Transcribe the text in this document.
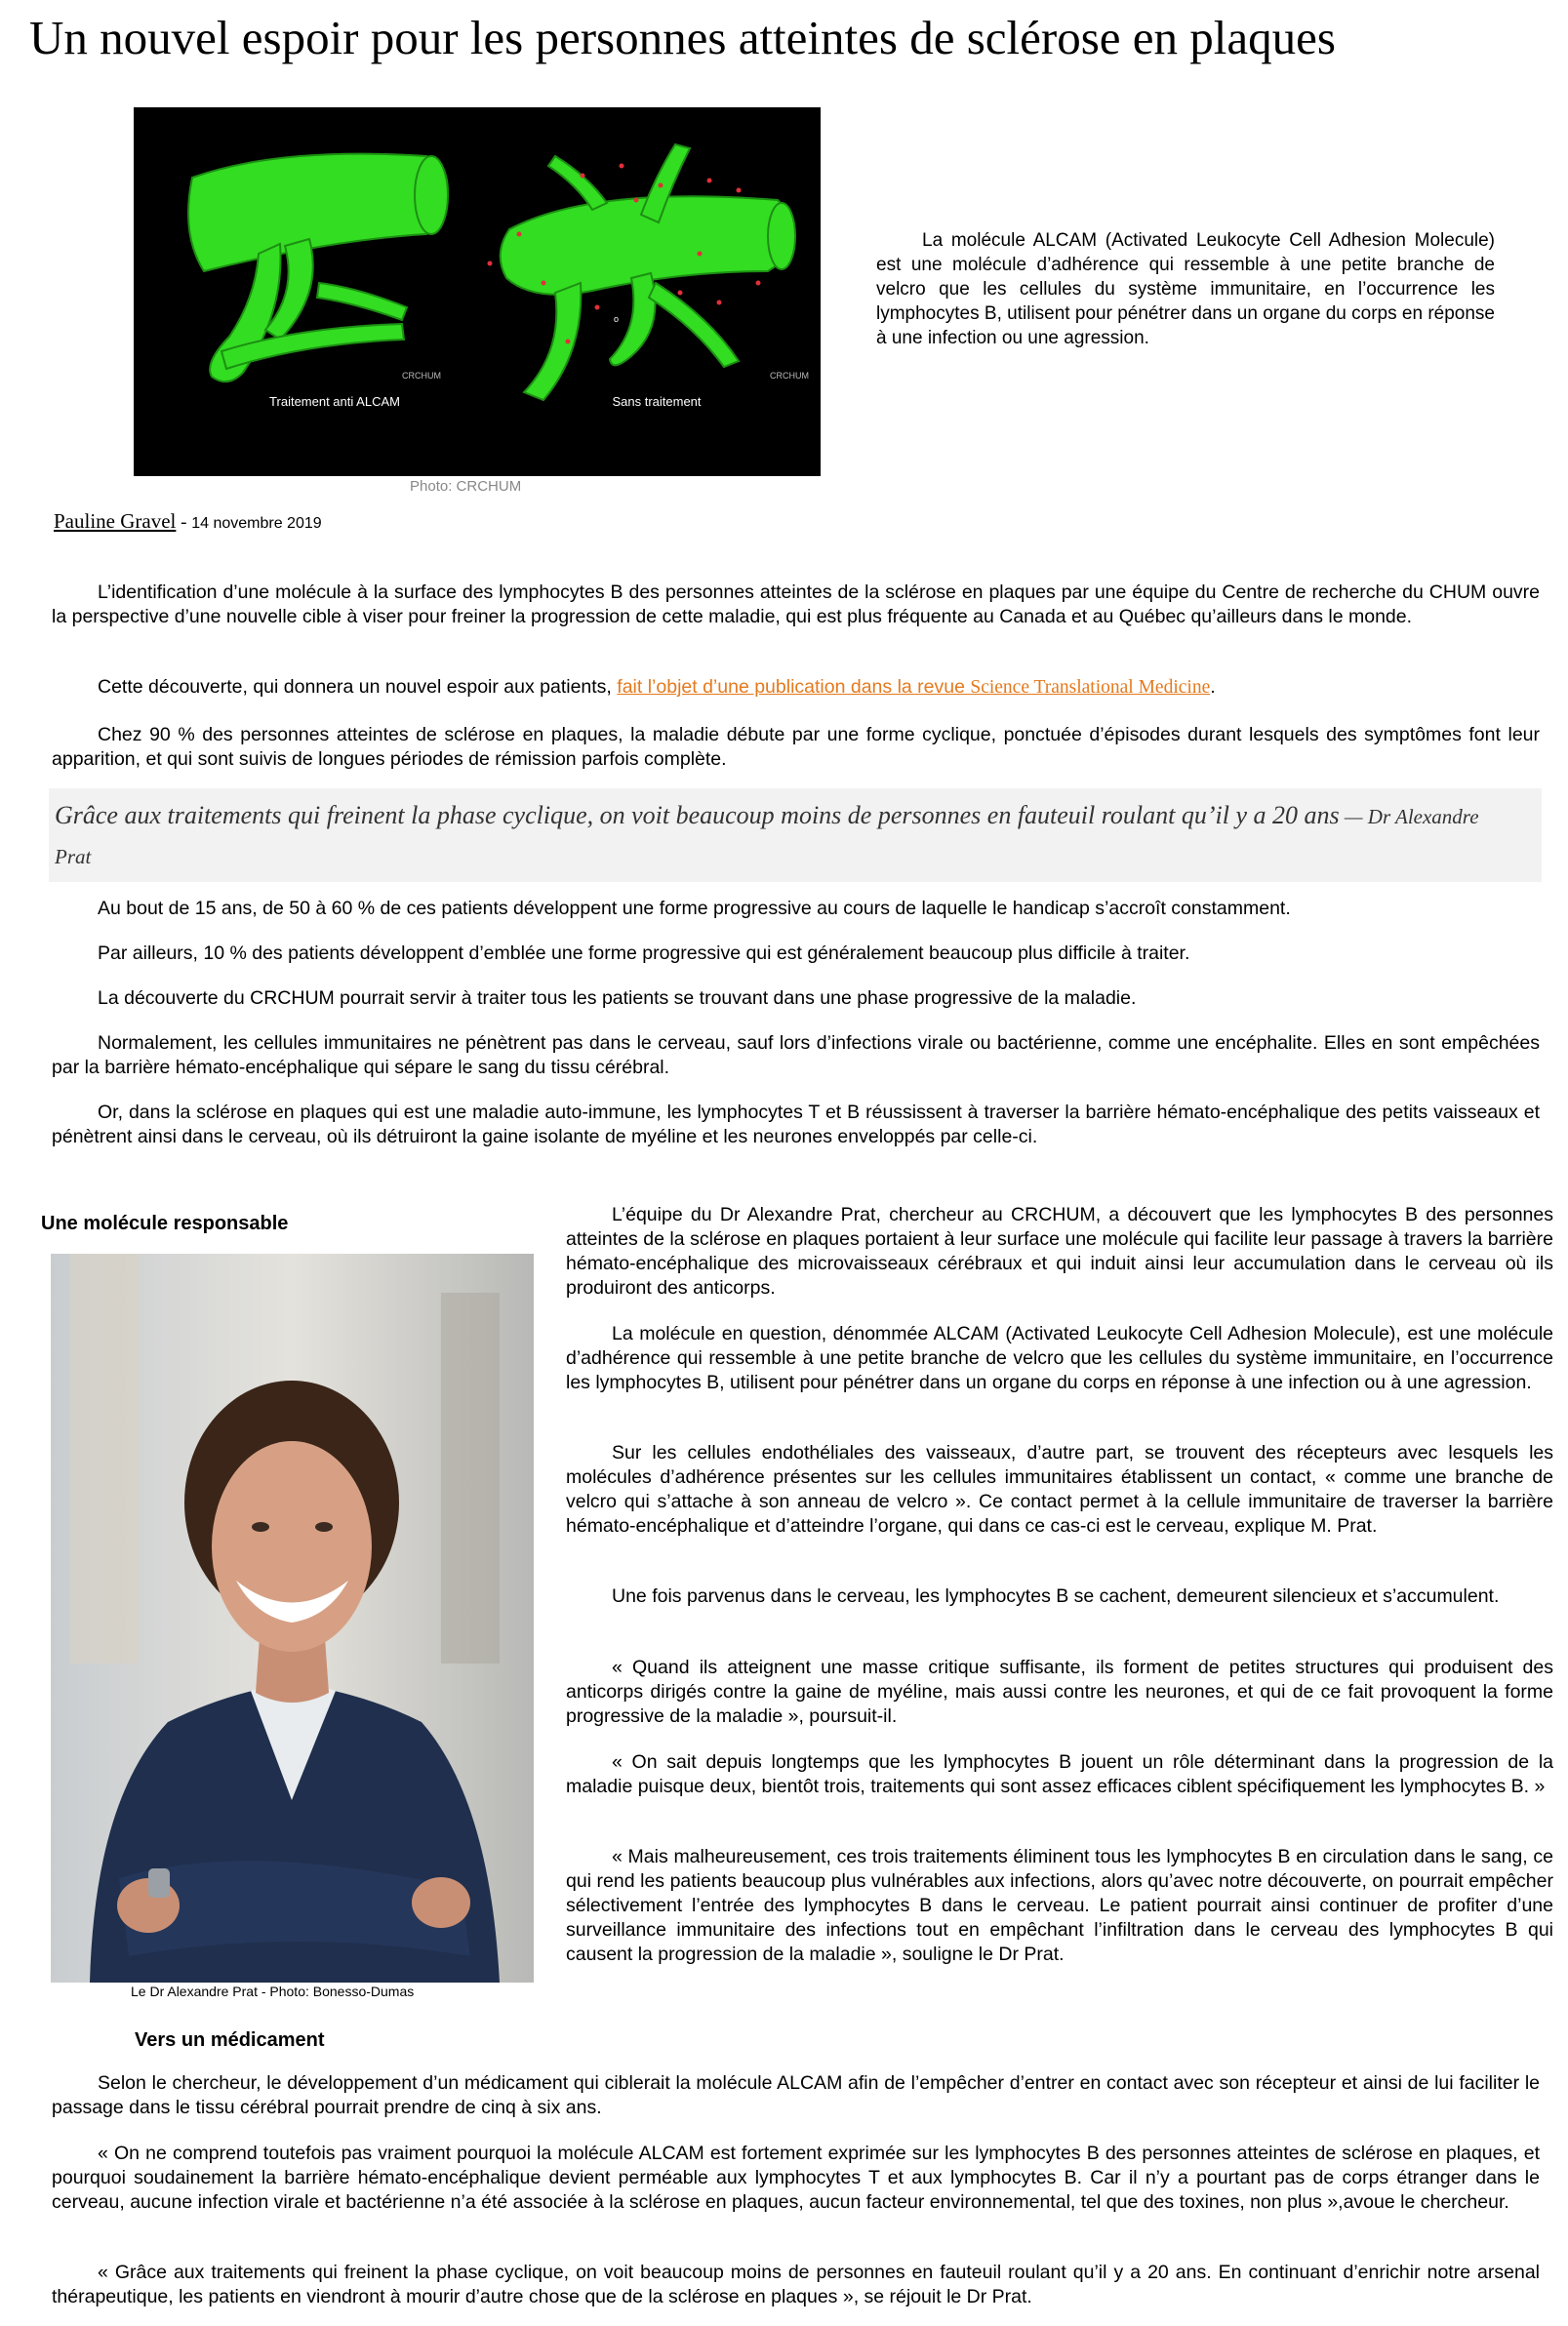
Un nouvel espoir pour les personnes atteintes de sclérose en plaques
Traitement anti ALCAM	Sans traitement
CRCHUM	CRCHUM
o
Photo: CRCHUM
La molécule ALCAM (Activated Leukocyte Cell Adhesion Molecule) est une molécule d’adhérence qui ressemble à une petite branche de velcro que les cellules du système immunitaire, en l’occurrence les lymphocytes B, utilisent pour pénétrer dans un organe du corps en réponse à une infection ou une agression.
Pauline Gravel - 14 novembre 2019

L’identification d’une molécule à la surface des lymphocytes B des personnes atteintes de la sclérose en plaques par une équipe du Centre de recherche du CHUM ouvre la perspective d’une nouvelle cible à viser pour freiner la progression de cette maladie, qui est plus fréquente au Canada et au Québec qu’ailleurs dans le monde.

Cette découverte, qui donnera un nouvel espoir aux patients, fait l’objet d’une publication dans la revue Science Translational Medicine.

Chez 90 % des personnes atteintes de sclérose en plaques, la maladie débute par une forme cyclique, ponctuée d’épisodes durant lesquels des symptômes font leur apparition, et qui sont suivis de longues périodes de rémission parfois complète.

Grâce aux traitements qui freinent la phase cyclique, on voit beaucoup moins de personnes en fauteuil roulant qu’il y a 20 ans — Dr Alexandre Prat

Au bout de 15 ans, de 50 à 60 % de ces patients développent une forme progressive au cours de laquelle le handicap s’accroît constamment.

Par ailleurs, 10 % des patients développent d’emblée une forme progressive qui est généralement beaucoup plus difficile à traiter.

La découverte du CRCHUM pourrait servir à traiter tous les patients se trouvant dans une phase progressive de la maladie.

Normalement, les cellules immunitaires ne pénètrent pas dans le cerveau, sauf lors d’infections virale ou bactérienne, comme une encéphalite. Elles en sont empêchées par la barrière hémato-encéphalique qui sépare le sang du tissu cérébral.

Or, dans la sclérose en plaques qui est une maladie auto-immune, les lymphocytes T et B réussissent à traverser la barrière hémato-encéphalique des petits vaisseaux et pénètrent ainsi dans le cerveau, où ils détruiront la gaine isolante de myéline et les neurones enveloppés par celle-ci.

Une molécule responsable
Le Dr Alexandre Prat - Photo: Bonesso-Dumas

L’équipe du Dr Alexandre Prat, chercheur au CRCHUM, a découvert que les lymphocytes B des personnes atteintes de la sclérose en plaques portaient à leur surface une molécule qui facilite leur passage à travers la barrière hémato-encéphalique des microvaisseaux cérébraux et qui induit ainsi leur accumulation dans le cerveau où ils produiront des anticorps.

La molécule en question, dénommée ALCAM (Activated Leukocyte Cell Adhesion Molecule), est une molécule d’adhérence qui ressemble à une petite branche de velcro que les cellules du système immunitaire, en l’occurrence les lymphocytes B, utilisent pour pénétrer dans un organe du corps en réponse à une infection ou à une agression.

Sur les cellules endothéliales des vaisseaux, d’autre part, se trouvent des récepteurs avec lesquels les molécules d’adhérence présentes sur les cellules immunitaires établissent un contact, « comme une branche de velcro qui s’attache à son anneau de velcro ». Ce contact permet à la cellule immunitaire de traverser la barrière hémato-encéphalique et d’atteindre l’organe, qui dans ce cas-ci est le cerveau, explique M. Prat.

Une fois parvenus dans le cerveau, les lymphocytes B se cachent, demeurent silencieux et s’accumulent.

« Quand ils atteignent une masse critique suffisante, ils forment de petites structures qui produisent des anticorps dirigés contre la gaine de myéline, mais aussi contre les neurones, et qui de ce fait provoquent la forme progressive de la maladie », poursuit-il.

« On sait depuis longtemps que les lymphocytes B jouent un rôle déterminant dans la progression de la maladie puisque deux, bientôt trois, traitements qui sont assez efficaces ciblent spécifiquement les lymphocytes B. »

« Mais malheureusement, ces trois traitements éliminent tous les lymphocytes B en circulation dans le sang, ce qui rend les patients beaucoup plus vulnérables aux infections, alors qu’avec notre découverte, on pourrait empêcher sélectivement l’entrée des lymphocytes B dans le cerveau. Le patient pourrait ainsi continuer de profiter d’une surveillance immunitaire des infections tout en empêchant l’infiltration dans le cerveau des lymphocytes B qui causent la progression de la maladie », souligne le Dr Prat.

Vers un médicament

Selon le chercheur, le développement d’un médicament qui ciblerait la molécule ALCAM afin de l’empêcher d’entrer en contact avec son récepteur et ainsi de lui faciliter le passage dans le tissu cérébral pourrait prendre de cinq à six ans.

« On ne comprend toutefois pas vraiment pourquoi la molécule ALCAM est fortement exprimée sur les lymphocytes B des personnes atteintes de sclérose en plaques, et pourquoi soudainement la barrière hémato-encéphalique devient perméable aux lymphocytes T et aux lymphocytes B. Car il n’y a pourtant pas de corps étranger dans le cerveau, aucune infection virale et bactérienne n’a été associée à la sclérose en plaques, aucun facteur environnemental, tel que des toxines, non plus »,avoue le chercheur.

« Grâce aux traitements qui freinent la phase cyclique, on voit beaucoup moins de personnes en fauteuil roulant qu’il y a 20 ans. En continuant d’enrichir notre arsenal thérapeutique, les patients en viendront à mourir d’autre chose que de la sclérose en plaques », se réjouit le Dr Prat.
